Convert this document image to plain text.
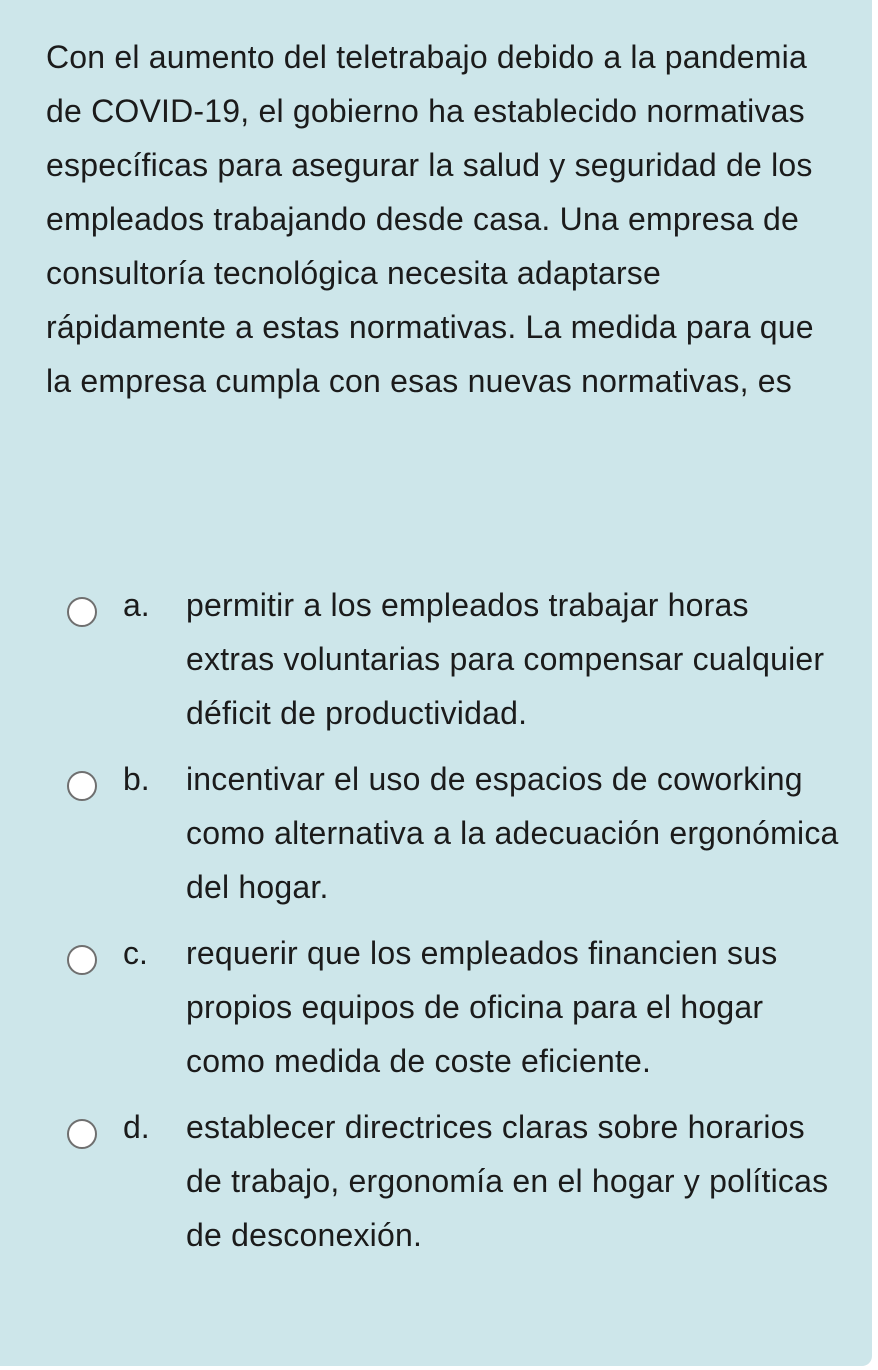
Con el aumento del teletrabajo debido a la pandemia de COVID-19, el gobierno ha establecido normativas específicas para asegurar la salud y seguridad de los empleados trabajando desde casa. Una empresa de consultoría tecnológica necesita adaptarse rápidamente a estas normativas. La medida para que la empresa cumpla con esas nuevas normativas, es

a. permitir a los empleados trabajar horas extras voluntarias para compensar cualquier déficit de productividad.
b. incentivar el uso de espacios de coworking como alternativa a la adecuación ergonómica del hogar.
c. requerir que los empleados financien sus propios equipos de oficina para el hogar como medida de coste eficiente.
d. establecer directrices claras sobre horarios de trabajo, ergonomía en el hogar y políticas de desconexión.
